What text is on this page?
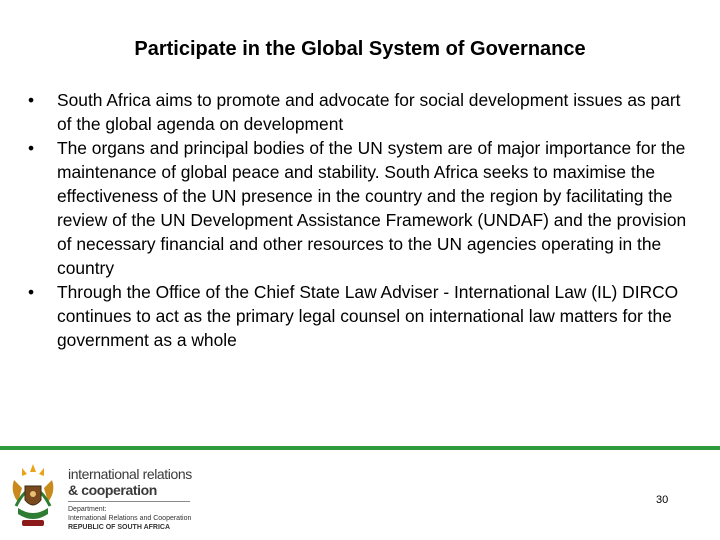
Participate in the Global System of Governance
•	South Africa aims to promote and advocate for social development issues as part of the global agenda on development
•	The organs and principal bodies of the UN system are of major importance for the maintenance of global peace and stability. South Africa seeks to maximise the effectiveness of the UN presence in the country and the region by facilitating the review of the UN Development Assistance Framework (UNDAF) and the provision of necessary financial and other resources to the UN agencies operating in the country
•	Through the Office of the Chief State Law Adviser - International Law (IL) DIRCO continues to act as the primary legal counsel on international law matters for the government as a whole
international relations
& cooperation
Department:
International Relations and Cooperation
REPUBLIC OF SOUTH AFRICA
30
